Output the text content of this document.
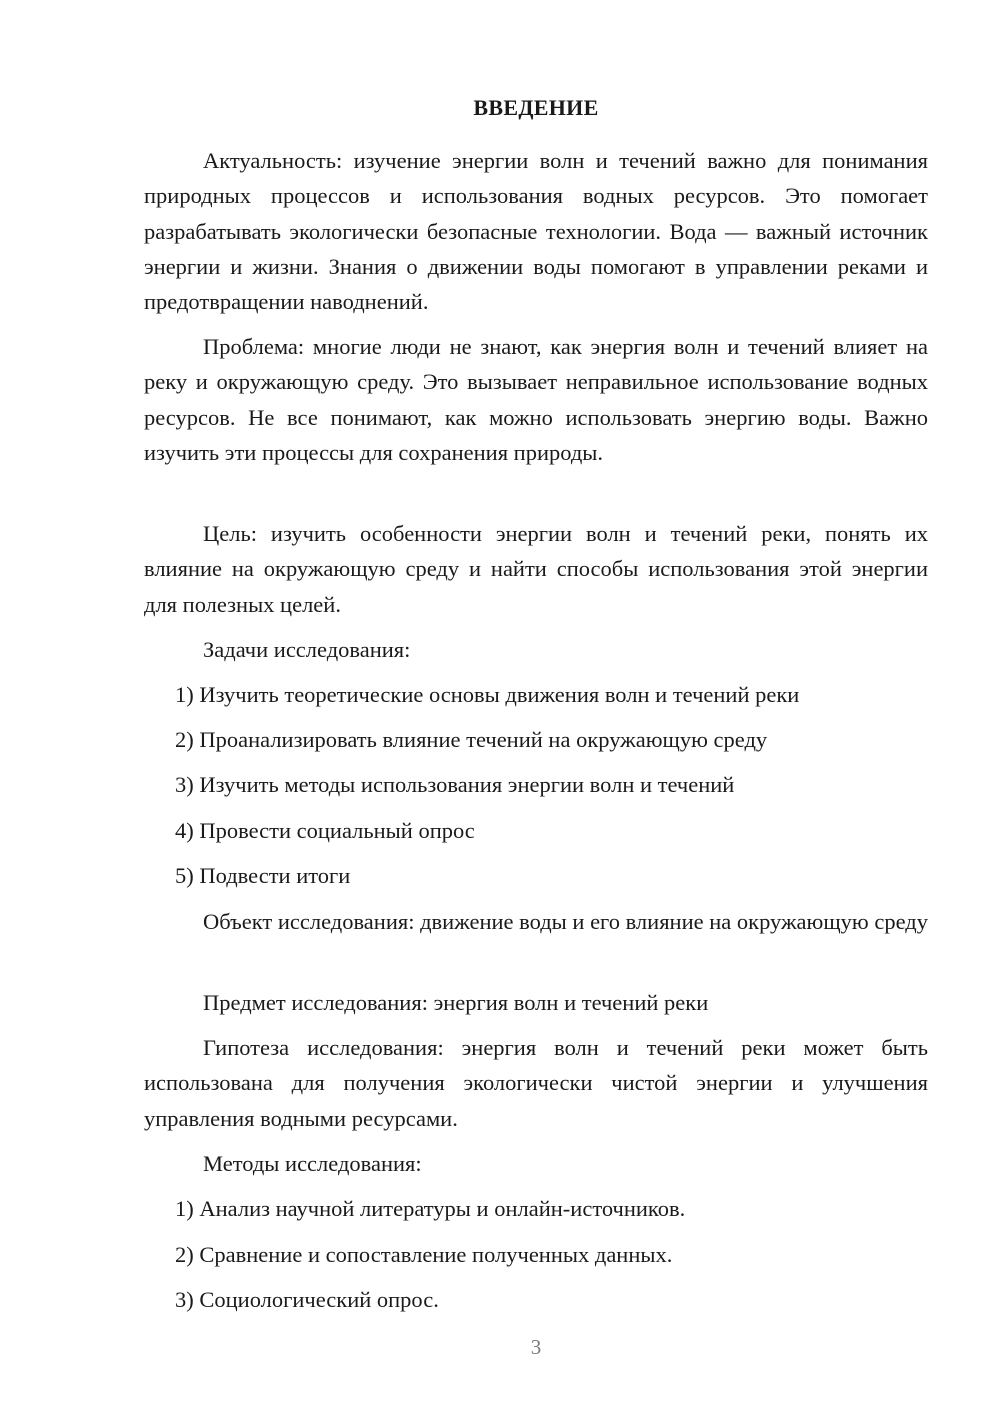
ВВЕДЕНИЕ

Актуальность: изучение энергии волн и течений важно для понимания природных процессов и использования водных ресурсов. Это помогает разрабатывать экологически безопасные технологии. Вода — важный источник энергии и жизни. Знания о движении воды помогают в управлении реками и предотвращении наводнений.

Проблема: многие люди не знают, как энергия волн и течений влияет на реку и окружающую среду. Это вызывает неправильное использование водных ресурсов. Не все понимают, как можно использовать энергию воды. Важно изучить эти процессы для сохранения природы.

Цель: изучить особенности энергии волн и течений реки, понять их влияние на окружающую среду и найти способы использования этой энергии для полезных целей.

Задачи исследования:

1) Изучить теоретические основы движения волн и течений реки

2) Проанализировать влияние течений на окружающую среду

3) Изучить методы использования энергии волн и течений

4) Провести социальный опрос

5) Подвести итоги

Объект исследования: движение воды и его влияние на окружающую среду

Предмет исследования: энергия волн и течений реки

Гипотеза исследования: энергия волн и течений реки может быть использована для получения экологически чистой энергии и улучшения управления водными ресурсами.

Методы исследования:

1) Анализ научной литературы и онлайн-источников.

2) Сравнение и сопоставление полученных данных.

3) Социологический опрос.

3
